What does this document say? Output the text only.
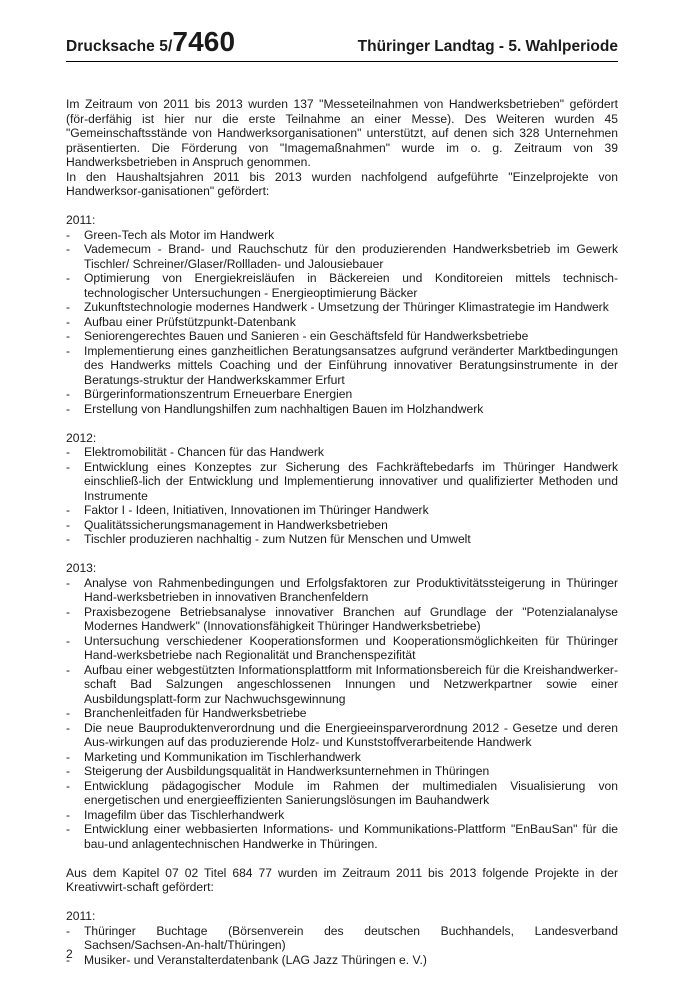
Drucksache 5/7460	Thüringer Landtag - 5. Wahlperiode

Im Zeitraum von 2011 bis 2013 wurden 137 "Messeteilnahmen von Handwerksbetrieben" gefördert (för-derfähig ist hier nur die erste Teilnahme an einer Messe). Des Weiteren wurden 45 "Gemeinschaftsstände von Handwerksorganisationen" unterstützt, auf denen sich 328 Unternehmen präsentierten. Die Förderung von "Imagemaßnahmen" wurde im o. g. Zeitraum von 39 Handwerksbetrieben in Anspruch genommen.
In den Haushaltsjahren 2011 bis 2013 wurden nachfolgend aufgeführte "Einzelprojekte von Handwerksor-ganisationen" gefördert:

2011:
- Green-Tech als Motor im Handwerk
- Vademecum - Brand- und Rauchschutz für den produzierenden Handwerksbetrieb im Gewerk Tischler/ Schreiner/Glaser/Rollladen- und Jalousiebauer
- Optimierung von Energiekreisläufen in Bäckereien und Konditoreien mittels technisch-technologischer Untersuchungen - Energieoptimierung Bäcker
- Zukunftstechnologie modernes Handwerk - Umsetzung der Thüringer Klimastrategie im Handwerk
- Aufbau einer Prüfstützpunkt-Datenbank
- Seniorengerechtes Bauen und Sanieren - ein Geschäftsfeld für Handwerksbetriebe
- Implementierung eines ganzheitlichen Beratungsansatzes aufgrund veränderter Marktbedingungen des Handwerks mittels Coaching und der Einführung innovativer Beratungsinstrumente in der Beratungs-struktur der Handwerkskammer Erfurt
- Bürgerinformationszentrum Erneuerbare Energien
- Erstellung von Handlungshilfen zum nachhaltigen Bauen im Holzhandwerk
2012:
- Elektromobilität - Chancen für das Handwerk
- Entwicklung eines Konzeptes zur Sicherung des Fachkräftebedarfs im Thüringer Handwerk einschließ-lich der Entwicklung und Implementierung innovativer und qualifizierter Methoden und Instrumente
- Faktor I - Ideen, Initiativen, Innovationen im Thüringer Handwerk
- Qualitätssicherungsmanagement in Handwerksbetrieben
- Tischler produzieren nachhaltig - zum Nutzen für Menschen und Umwelt
2013:
- Analyse von Rahmenbedingungen und Erfolgsfaktoren zur Produktivitätssteigerung in Thüringer Hand-werksbetrieben in innovativen Branchenfeldern
- Praxisbezogene Betriebsanalyse innovativer Branchen auf Grundlage der "Potenzialanalyse Modernes Handwerk" (Innovationsfähigkeit Thüringer Handwerksbetriebe)
- Untersuchung verschiedener Kooperationsformen und Kooperationsmöglichkeiten für Thüringer Hand-werksbetriebe nach Regionalität und Branchenspezifität
- Aufbau einer webgestützten Informationsplattform mit Informationsbereich für die Kreishandwerker-schaft Bad Salzungen angeschlossenen Innungen und Netzwerkpartner sowie einer Ausbildungsplatt-form zur Nachwuchsgewinnung
- Branchenleitfaden für Handwerksbetriebe
- Die neue Bauproduktenverordnung und die Energieeinsparverordnung 2012 - Gesetze und deren Aus-wirkungen auf das produzierende Holz- und Kunststoffverarbeitende Handwerk
- Marketing und Kommunikation im Tischlerhandwerk
- Steigerung der Ausbildungsqualität in Handwerksunternehmen in Thüringen
- Entwicklung pädagogischer Module im Rahmen der multimedialen Visualisierung von energetischen und energieeffizienten Sanierungslösungen im Bauhandwerk
- Imagefilm über das Tischlerhandwerk
- Entwicklung einer webbasierten Informations- und Kommunikations-Plattform "EnBauSan" für die bau-und anlagentechnischen Handwerke in Thüringen.

Aus dem Kapitel 07 02 Titel 684 77 wurden im Zeitraum 2011 bis 2013 folgende Projekte in der Kreativwirt-schaft gefördert:

2011:
- Thüringer Buchtage (Börsenverein des deutschen Buchhandels, Landesverband Sachsen/Sachsen-An-halt/Thüringen)
- Musiker- und Veranstalterdatenbank (LAG Jazz Thüringen e. V.)
2
